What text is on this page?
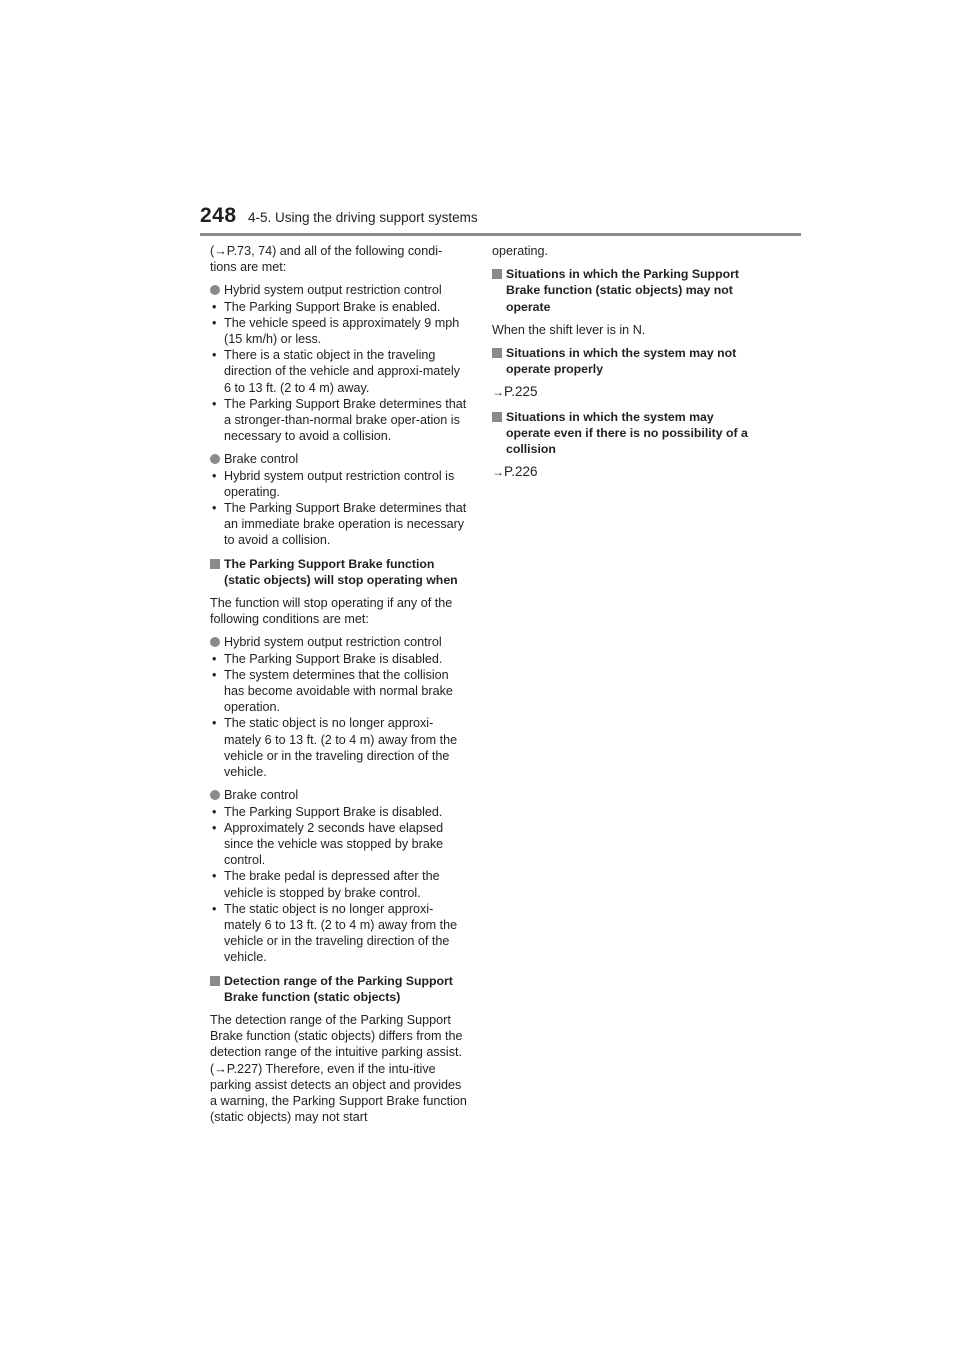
248 4-5. Using the driving support systems

(→P.73, 74) and all of the following condi-tions are met:

Hybrid system output restriction control
• The Parking Support Brake is enabled.
• The vehicle speed is approximately 9 mph (15 km/h) or less.
• There is a static object in the traveling direction of the vehicle and approxi-mately 6 to 13 ft. (2 to 4 m) away.
• The Parking Support Brake determines that a stronger-than-normal brake oper-ation is necessary to avoid a collision.
Brake control
• Hybrid system output restriction control is operating.
• The Parking Support Brake determines that an immediate brake operation is necessary to avoid a collision.
The Parking Support Brake function (static objects) will stop operating when

The function will stop operating if any of the following conditions are met:

Hybrid system output restriction control
• The Parking Support Brake is disabled.
• The system determines that the collision has become avoidable with normal brake operation.
• The static object is no longer approxi-mately 6 to 13 ft. (2 to 4 m) away from the vehicle or in the traveling direction of the vehicle.
Brake control
• The Parking Support Brake is disabled.
• Approximately 2 seconds have elapsed since the vehicle was stopped by brake control.
• The brake pedal is depressed after the vehicle is stopped by brake control.
• The static object is no longer approxi-mately 6 to 13 ft. (2 to 4 m) away from the vehicle or in the traveling direction of the vehicle.
Detection range of the Parking Support Brake function (static objects)

The detection range of the Parking Support Brake function (static objects) differs from the detection range of the intuitive parking assist. (→P.227) Therefore, even if the intu-itive parking assist detects an object and provides a warning, the Parking Support Brake function (static objects) may not start

operating.

Situations in which the Parking Support Brake function (static objects) may not operate

When the shift lever is in N.

Situations in which the system may not operate properly

→P.225

Situations in which the system may operate even if there is no possibility of a collision

→P.226
